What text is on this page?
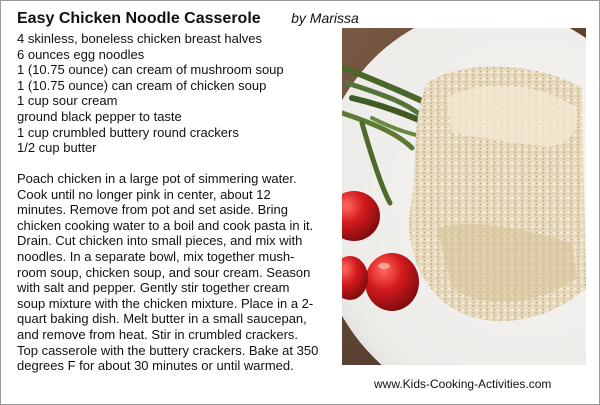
Easy Chicken Noodle Casserole by Marissa
4 skinless, boneless chicken breast halves
6 ounces egg noodles
1 (10.75 ounce) can cream of mushroom soup
1 (10.75 ounce) can cream of chicken soup
1 cup sour cream
ground black pepper to taste
1 cup crumbled buttery round crackers
1/2 cup butter

Poach chicken in a large pot of simmering water.
Cook until no longer pink in center, about 12
minutes. Remove from pot and set aside. Bring
chicken cooking water to a boil and cook pasta in it.
Drain. Cut chicken into small pieces, and mix with
noodles. In a separate bowl, mix together mush-
room soup, chicken soup, and sour cream. Season
with salt and pepper. Gently stir together cream
soup mixture with the chicken mixture. Place in a 2-
quart baking dish. Melt butter in a small saucepan,
and remove from heat. Stir in crumbled crackers.
Top casserole with the buttery crackers. Bake at 350
degrees F for about 30 minutes or until warmed.

www.Kids-Cooking-Activities.com
